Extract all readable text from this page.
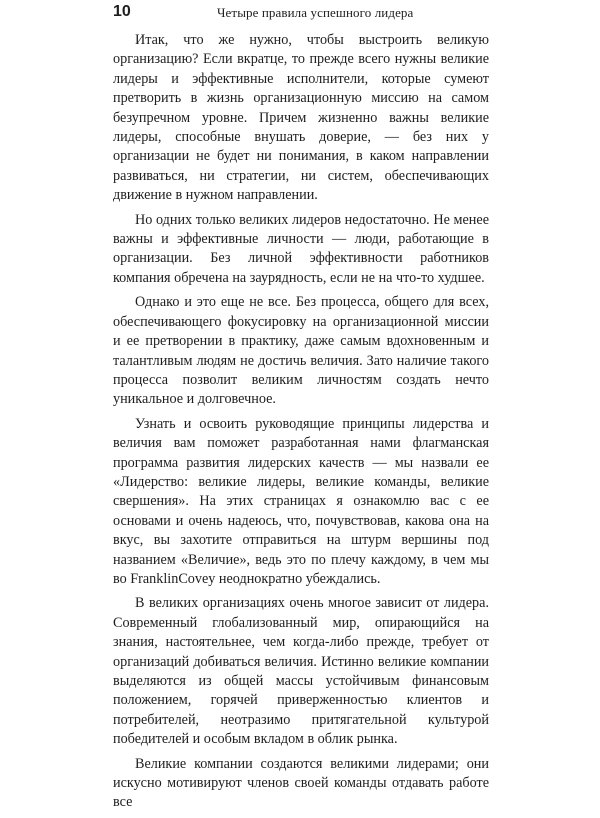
10	Четыре правила успешного лидера

Итак, что же нужно, чтобы выстроить великую организацию? Если вкратце, то прежде всего нужны великие лидеры и эффективные исполнители, которые сумеют претворить в жизнь организационную миссию на самом безупречном уровне. Причем жизненно важны великие лидеры, способные внушать доверие, — без них у организации не будет ни понимания, в каком направлении развиваться, ни стратегии, ни систем, обеспечивающих движение в нужном направлении.

Но одних только великих лидеров недостаточно. Не менее важны и эффективные личности — люди, работающие в организации. Без личной эффективности работников компания обречена на заурядность, если не на что-то худшее.

Однако и это еще не все. Без процесса, общего для всех, обеспечивающего фокусировку на организационной миссии и ее претворении в практику, даже самым вдохновенным и талантливым людям не достичь величия. Зато наличие такого процесса позволит великим личностям создать нечто уникальное и долговечное.

Узнать и освоить руководящие принципы лидерства и величия вам поможет разработанная нами флагманская программа развития лидерских качеств — мы назвали ее «Лидерство: великие лидеры, великие команды, великие свершения». На этих страницах я ознакомлю вас с ее основами и очень надеюсь, что, почувствовав, какова она на вкус, вы захотите отправиться на штурм вершины под названием «Величие», ведь это по плечу каждому, в чем мы во FranklinCovey неоднократно убеждались.

В великих организациях очень многое зависит от лидера. Современный глобализованный мир, опирающийся на знания, настоятельнее, чем когда-либо прежде, требует от организаций добиваться величия. Истинно великие компании выделяются из общей массы устойчивым финансовым положением, горячей приверженностью клиентов и потребителей, неотразимо притягательной культурой победителей и особым вкладом в облик рынка.

Великие компании создаются великими лидерами; они искусно мотивируют членов своей команды отдавать работе все
